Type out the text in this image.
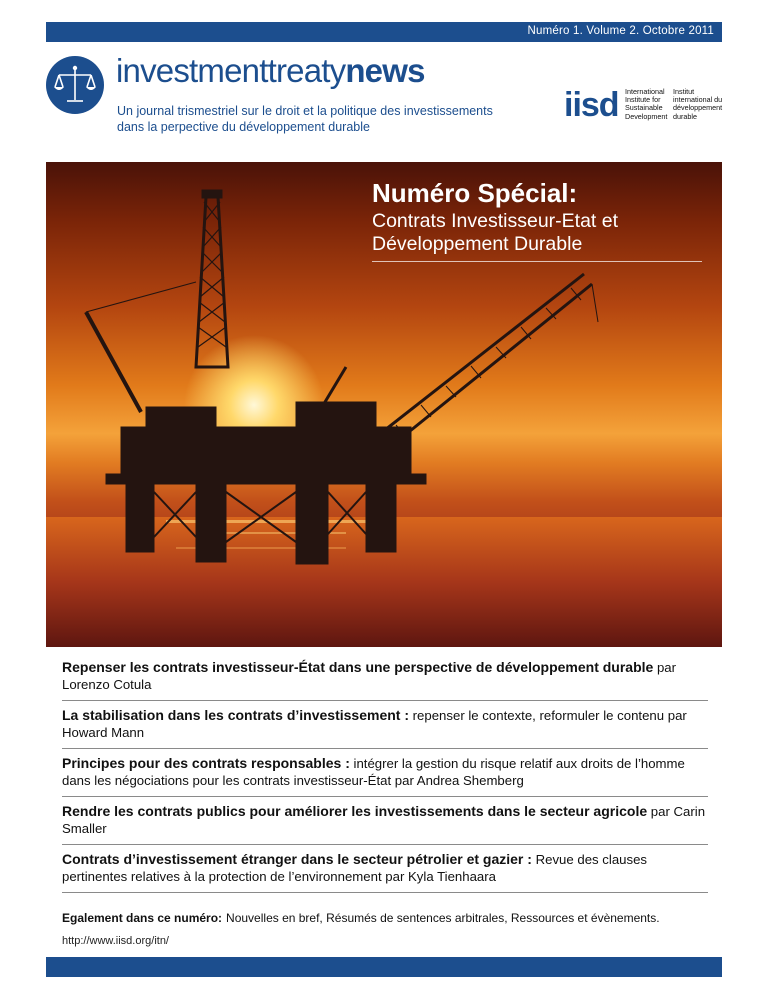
Numéro 1. Volume 2. Octobre 2011
investmenttreatynews
Un journal trismestriel sur le droit et la politique des investissements dans la perpective du développement durable
iisd International Institute for Sustainable Development
Institut international du développement durable
Numéro Spécial:
Contrats Investisseur-Etat et
Développement Durable
Repenser les contrats investisseur-État dans une perspective de développement durable par Lorenzo Cotula
La stabilisation dans les contrats d’investissement : repenser le contexte, reformuler le contenu par Howard Mann
Principes pour des contrats responsables : intégrer la gestion du risque relatif aux droits de l’homme dans les négociations pour les contrats investisseur-État par Andrea Shemberg
Rendre les contrats publics pour améliorer les investissements dans le secteur agricole par Carin Smaller
Contrats d’investissement étranger dans le secteur pétrolier et gazier : Revue des clauses pertinentes relatives à la protection de l’environnement par Kyla Tienhaara
Egalement dans ce numéro: Nouvelles en bref, Résumés de sentences arbitrales, Ressources et évènements.
http://www.iisd.org/itn/
